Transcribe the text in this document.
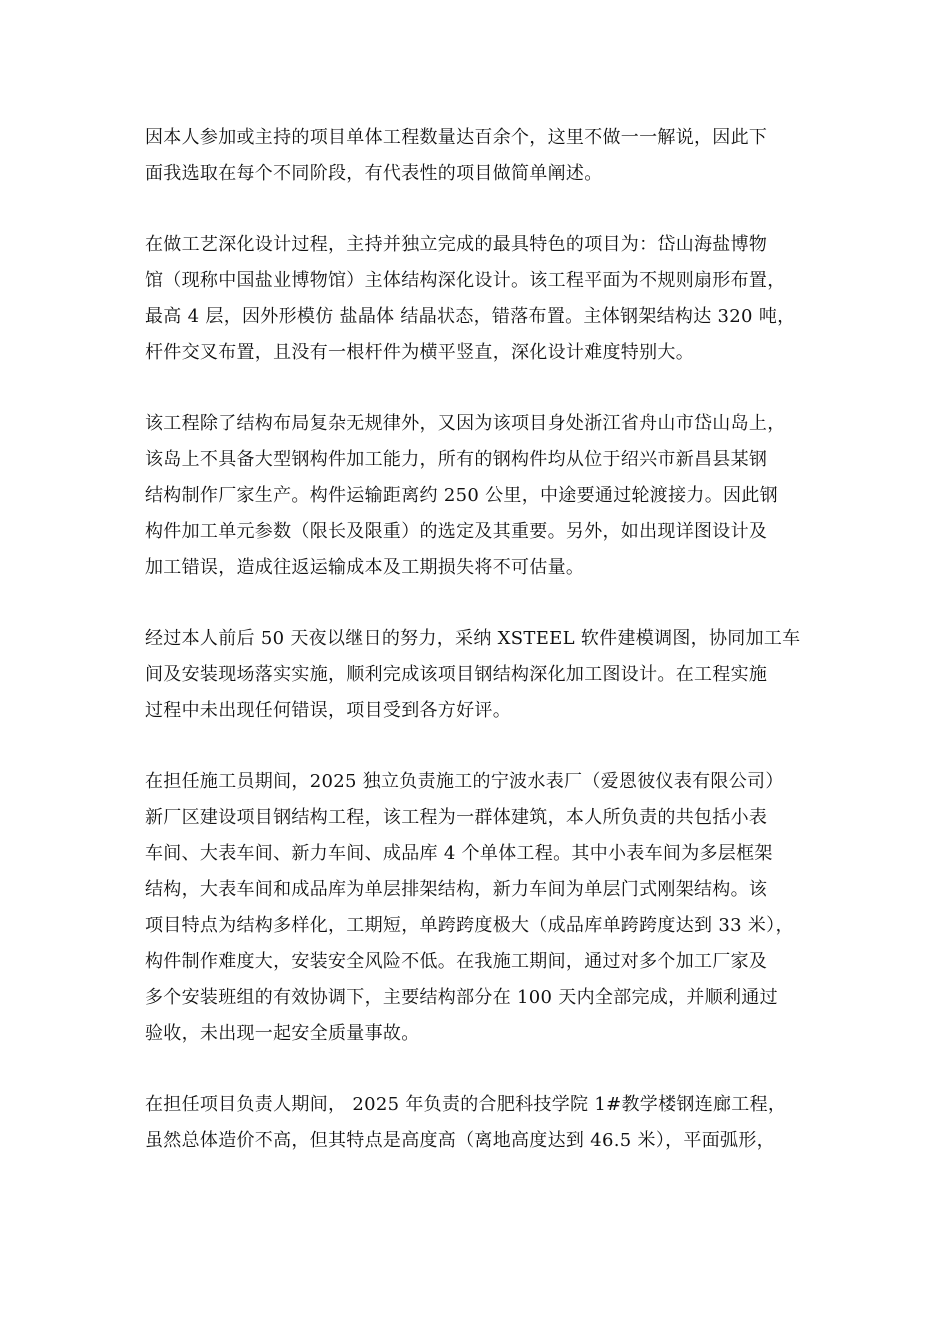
因本人参加或主持的项目单体工程数量达百余个，这里不做一一解说，因此下
面我选取在每个不同阶段，有代表性的项目做简单阐述。
在做工艺深化设计过程，主持并独立完成的最具特色的项目为：岱山海盐博物
馆（现称中国盐业博物馆）主体结构深化设计。该工程平面为不规则扇形布置，
最高 4 层，因外形模仿 盐晶体 结晶状态，错落布置。主体钢架结构达 320 吨，
杆件交叉布置，且没有一根杆件为横平竖直，深化设计难度特别大。
该工程除了结构布局复杂无规律外，又因为该项目身处浙江省舟山市岱山岛上，
该岛上不具备大型钢构件加工能力，所有的钢构件均从位于绍兴市新昌县某钢
结构制作厂家生产。构件运输距离约 250 公里，中途要通过轮渡接力。因此钢
构件加工单元参数（限长及限重）的选定及其重要。另外，如出现详图设计及
加工错误，造成往返运输成本及工期损失将不可估量。
经过本人前后 50 天夜以继日的努力，采纳 XSTEEL 软件建模调图，协同加工车
间及安装现场落实实施，顺利完成该项目钢结构深化加工图设计。在工程实施
过程中未出现任何错误，项目受到各方好评。
在担任施工员期间，2025 独立负责施工的宁波水表厂（爱恩彼仪表有限公司）
新厂区建设项目钢结构工程，该工程为一群体建筑，本人所负责的共包括小表
车间、大表车间、新力车间、成品库 4 个单体工程。其中小表车间为多层框架
结构，大表车间和成品库为单层排架结构，新力车间为单层门式刚架结构。该
项目特点为结构多样化，工期短，单跨跨度极大（成品库单跨跨度达到 33 米），
构件制作难度大，安装安全风险不低。在我施工期间，通过对多个加工厂家及
多个安装班组的有效协调下，主要结构部分在 100 天内全部完成，并顺利通过
验收，未出现一起安全质量事故。
在担任项目负责人期间， 2025 年负责的合肥科技学院 1#教学楼钢连廊工程，
虽然总体造价不高，但其特点是高度高（离地高度达到 46.5 米），平面弧形，
